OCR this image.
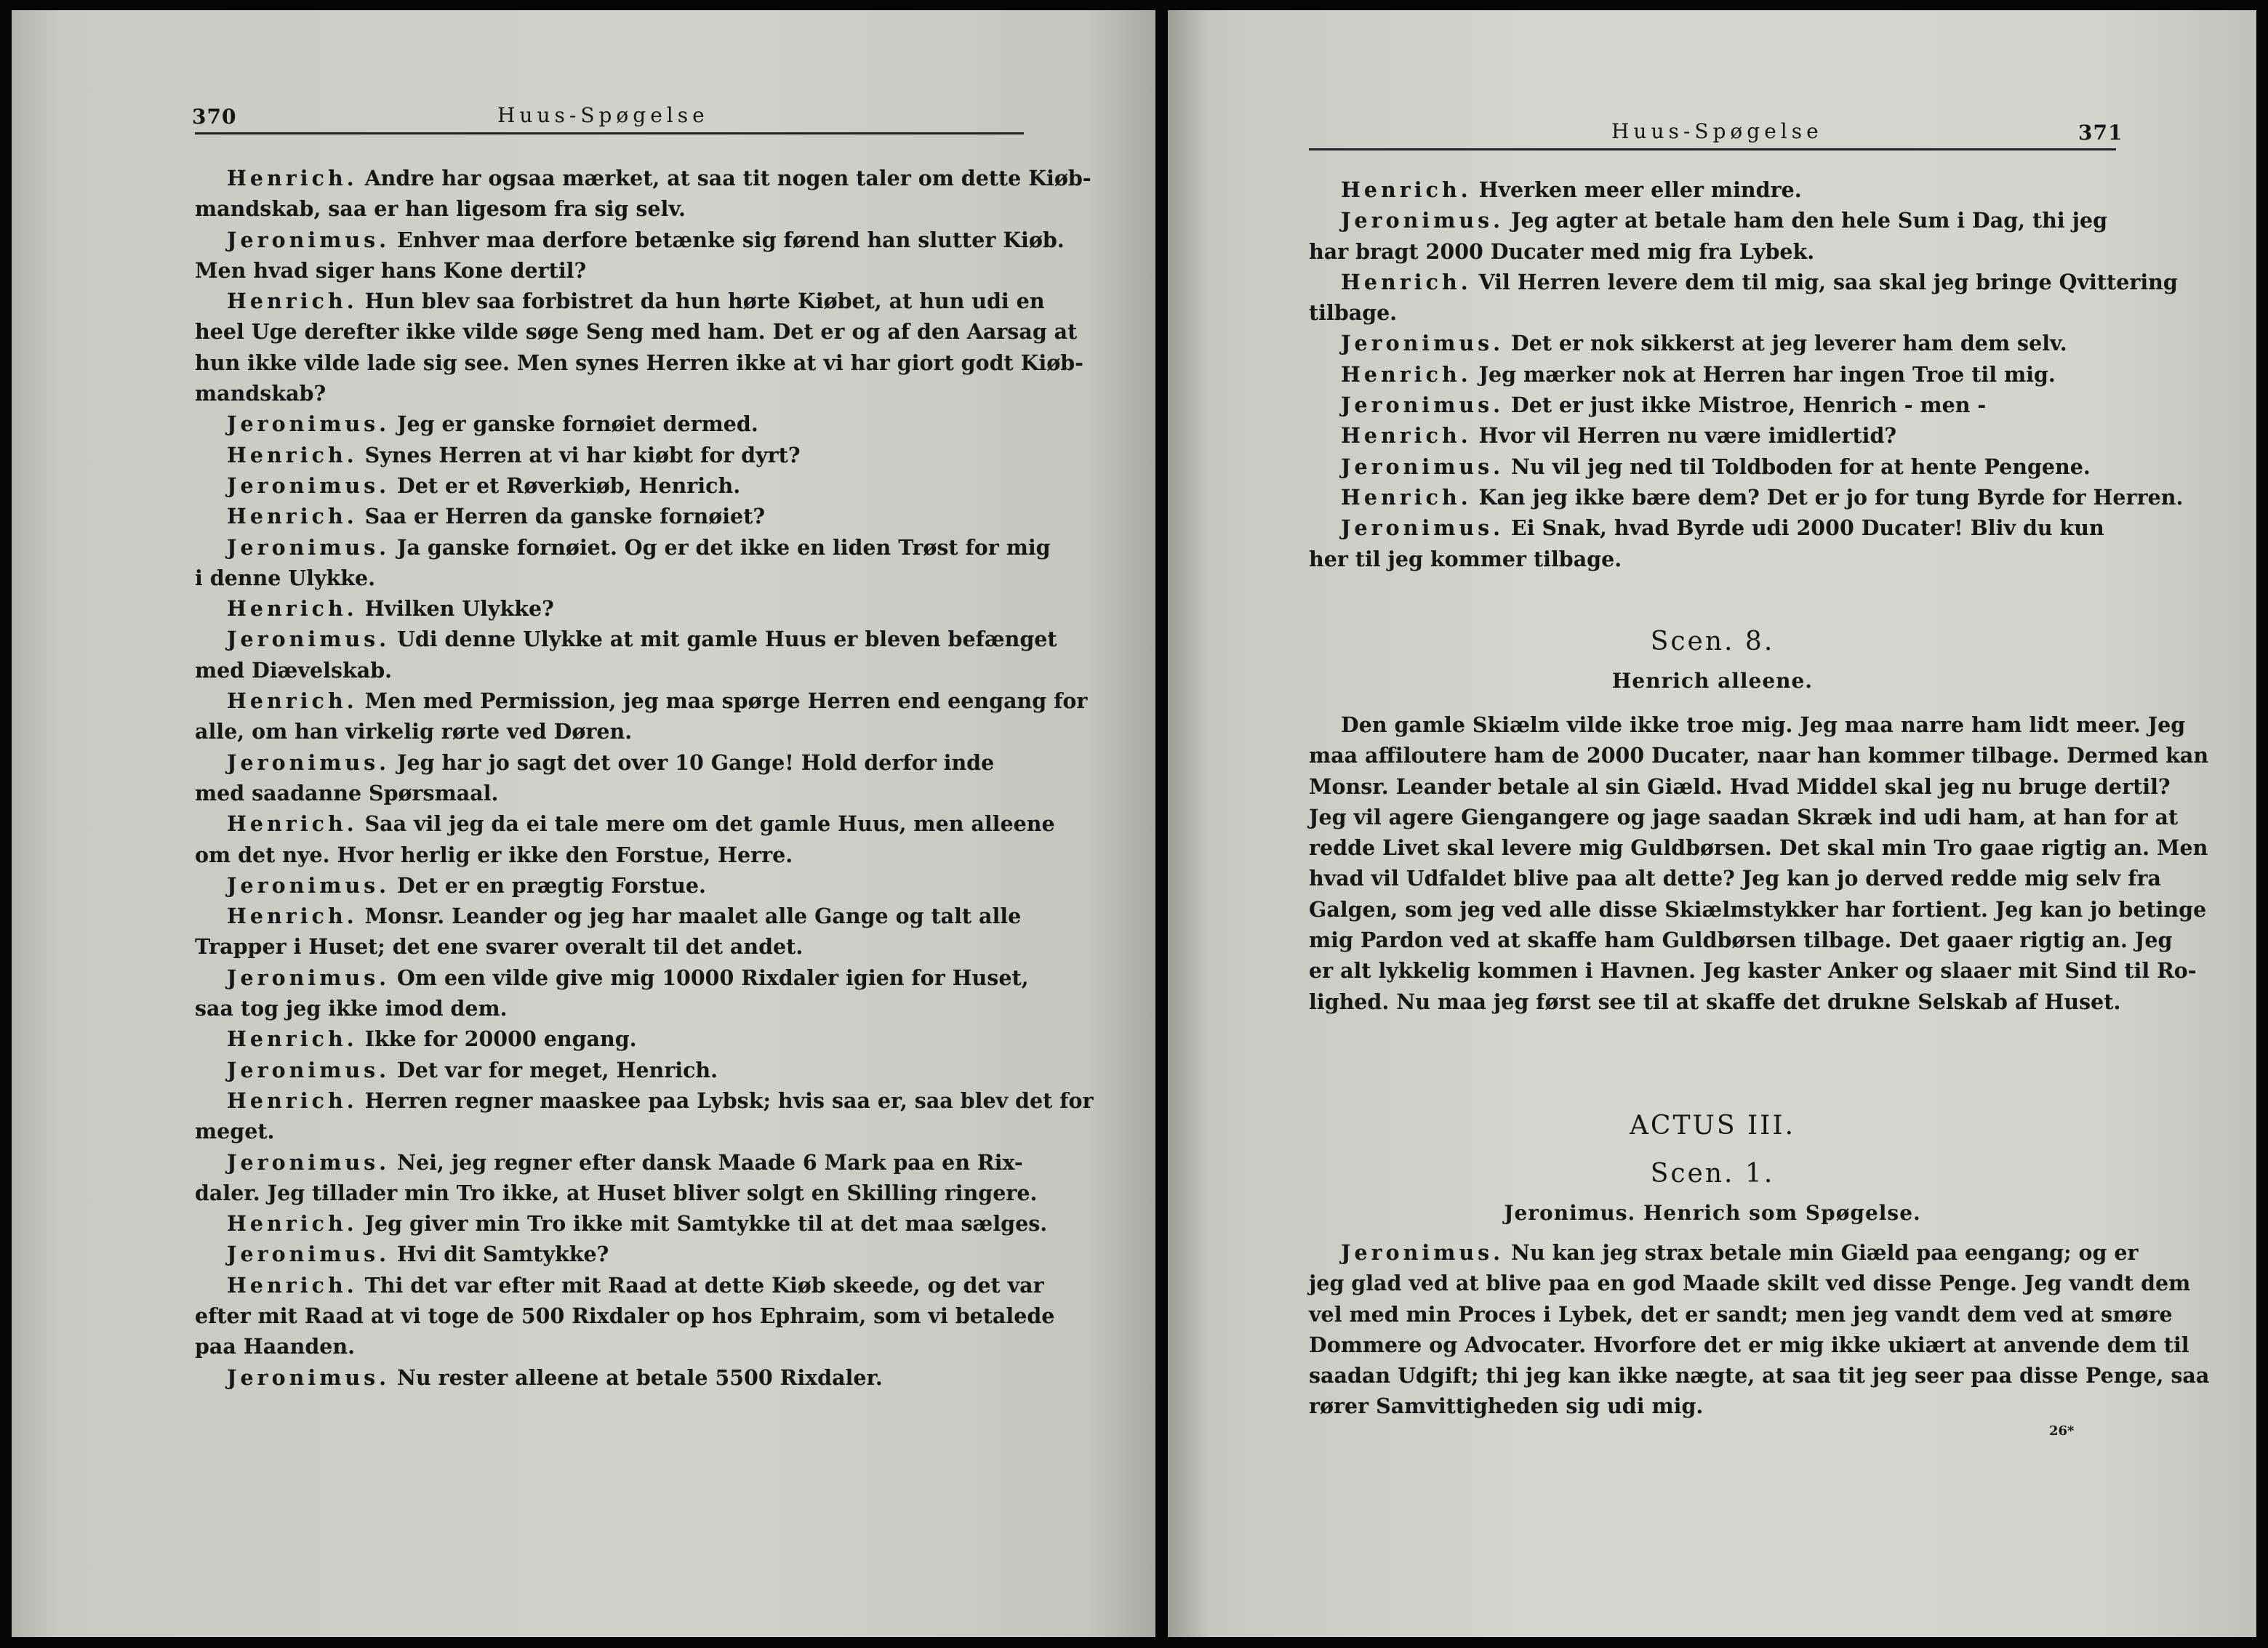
370	Huus-Spøgelse
Henrich. Andre har ogsaa mærket, at saa tit nogen taler om dette Kiøb-
mandskab, saa er han ligesom fra sig selv.
Jeronimus. Enhver maa derfore betænke sig førend han slutter Kiøb.
Men hvad siger hans Kone dertil?
Henrich. Hun blev saa forbistret da hun hørte Kiøbet, at hun udi en
heel Uge derefter ikke vilde søge Seng med ham. Det er og af den Aarsag at
hun ikke vilde lade sig see. Men synes Herren ikke at vi har giort godt Kiøb-
mandskab?
Jeronimus. Jeg er ganske fornøiet dermed.
Henrich. Synes Herren at vi har kiøbt for dyrt?
Jeronimus. Det er et Røverkiøb, Henrich.
Henrich. Saa er Herren da ganske fornøiet?
Jeronimus. Ja ganske fornøiet. Og er det ikke en liden Trøst for mig
i denne Ulykke.
Henrich. Hvilken Ulykke?
Jeronimus. Udi denne Ulykke at mit gamle Huus er bleven befænget
med Diævelskab.
Henrich. Men med Permission, jeg maa spørge Herren end eengang for
alle, om han virkelig rørte ved Døren.
Jeronimus. Jeg har jo sagt det over 10 Gange! Hold derfor inde
med saadanne Spørsmaal.
Henrich. Saa vil jeg da ei tale mere om det gamle Huus, men alleene
om det nye. Hvor herlig er ikke den Forstue, Herre.
Jeronimus. Det er en prægtig Forstue.
Henrich. Monsr. Leander og jeg har maalet alle Gange og talt alle
Trapper i Huset; det ene svarer overalt til det andet.
Jeronimus. Om een vilde give mig 10000 Rixdaler igien for Huset,
saa tog jeg ikke imod dem.
Henrich. Ikke for 20000 engang.
Jeronimus. Det var for meget, Henrich.
Henrich. Herren regner maaskee paa Lybsk; hvis saa er, saa blev det for
meget.
Jeronimus. Nei, jeg regner efter dansk Maade 6 Mark paa en Rix-
daler. Jeg tillader min Tro ikke, at Huset bliver solgt en Skilling ringere.
Henrich. Jeg giver min Tro ikke mit Samtykke til at det maa sælges.
Jeronimus. Hvi dit Samtykke?
Henrich. Thi det var efter mit Raad at dette Kiøb skeede, og det var
efter mit Raad at vi toge de 500 Rixdaler op hos Ephraim, som vi betalede
paa Haanden.
Jeronimus. Nu rester alleene at betale 5500 Rixdaler.
Huus-Spøgelse	371
Henrich. Hverken meer eller mindre.
Jeronimus. Jeg agter at betale ham den hele Sum i Dag, thi jeg
har bragt 2000 Ducater med mig fra Lybek.
Henrich. Vil Herren levere dem til mig, saa skal jeg bringe Qvittering
tilbage.
Jeronimus. Det er nok sikkerst at jeg leverer ham dem selv.
Henrich. Jeg mærker nok at Herren har ingen Troe til mig.
Jeronimus. Det er just ikke Mistroe, Henrich - men -
Henrich. Hvor vil Herren nu være imidlertid?
Jeronimus. Nu vil jeg ned til Toldboden for at hente Pengene.
Henrich. Kan jeg ikke bære dem? Det er jo for tung Byrde for Herren.
Jeronimus. Ei Snak, hvad Byrde udi 2000 Ducater! Bliv du kun
her til jeg kommer tilbage.
Scen. 8.
Henrich alleene.
Den gamle Skiælm vilde ikke troe mig. Jeg maa narre ham lidt meer. Jeg
maa affiloutere ham de 2000 Ducater, naar han kommer tilbage. Dermed kan
Monsr. Leander betale al sin Giæld. Hvad Middel skal jeg nu bruge dertil?
Jeg vil agere Giengangere og jage saadan Skræk ind udi ham, at han for at
redde Livet skal levere mig Guldbørsen. Det skal min Tro gaae rigtig an. Men
hvad vil Udfaldet blive paa alt dette? Jeg kan jo derved redde mig selv fra
Galgen, som jeg ved alle disse Skiælmstykker har fortient. Jeg kan jo betinge
mig Pardon ved at skaffe ham Guldbørsen tilbage. Det gaaer rigtig an. Jeg
er alt lykkelig kommen i Havnen. Jeg kaster Anker og slaaer mit Sind til Ro-
lighed. Nu maa jeg først see til at skaffe det drukne Selskab af Huset.
ACTUS III.
Scen. 1.
Jeronimus. Henrich som Spøgelse.
Jeronimus. Nu kan jeg strax betale min Giæld paa eengang; og er
jeg glad ved at blive paa en god Maade skilt ved disse Penge. Jeg vandt dem
vel med min Proces i Lybek, det er sandt; men jeg vandt dem ved at smøre
Dommere og Advocater. Hvorfore det er mig ikke ukiært at anvende dem til
saadan Udgift; thi jeg kan ikke nægte, at saa tit jeg seer paa disse Penge, saa
rører Samvittigheden sig udi mig.
26*
